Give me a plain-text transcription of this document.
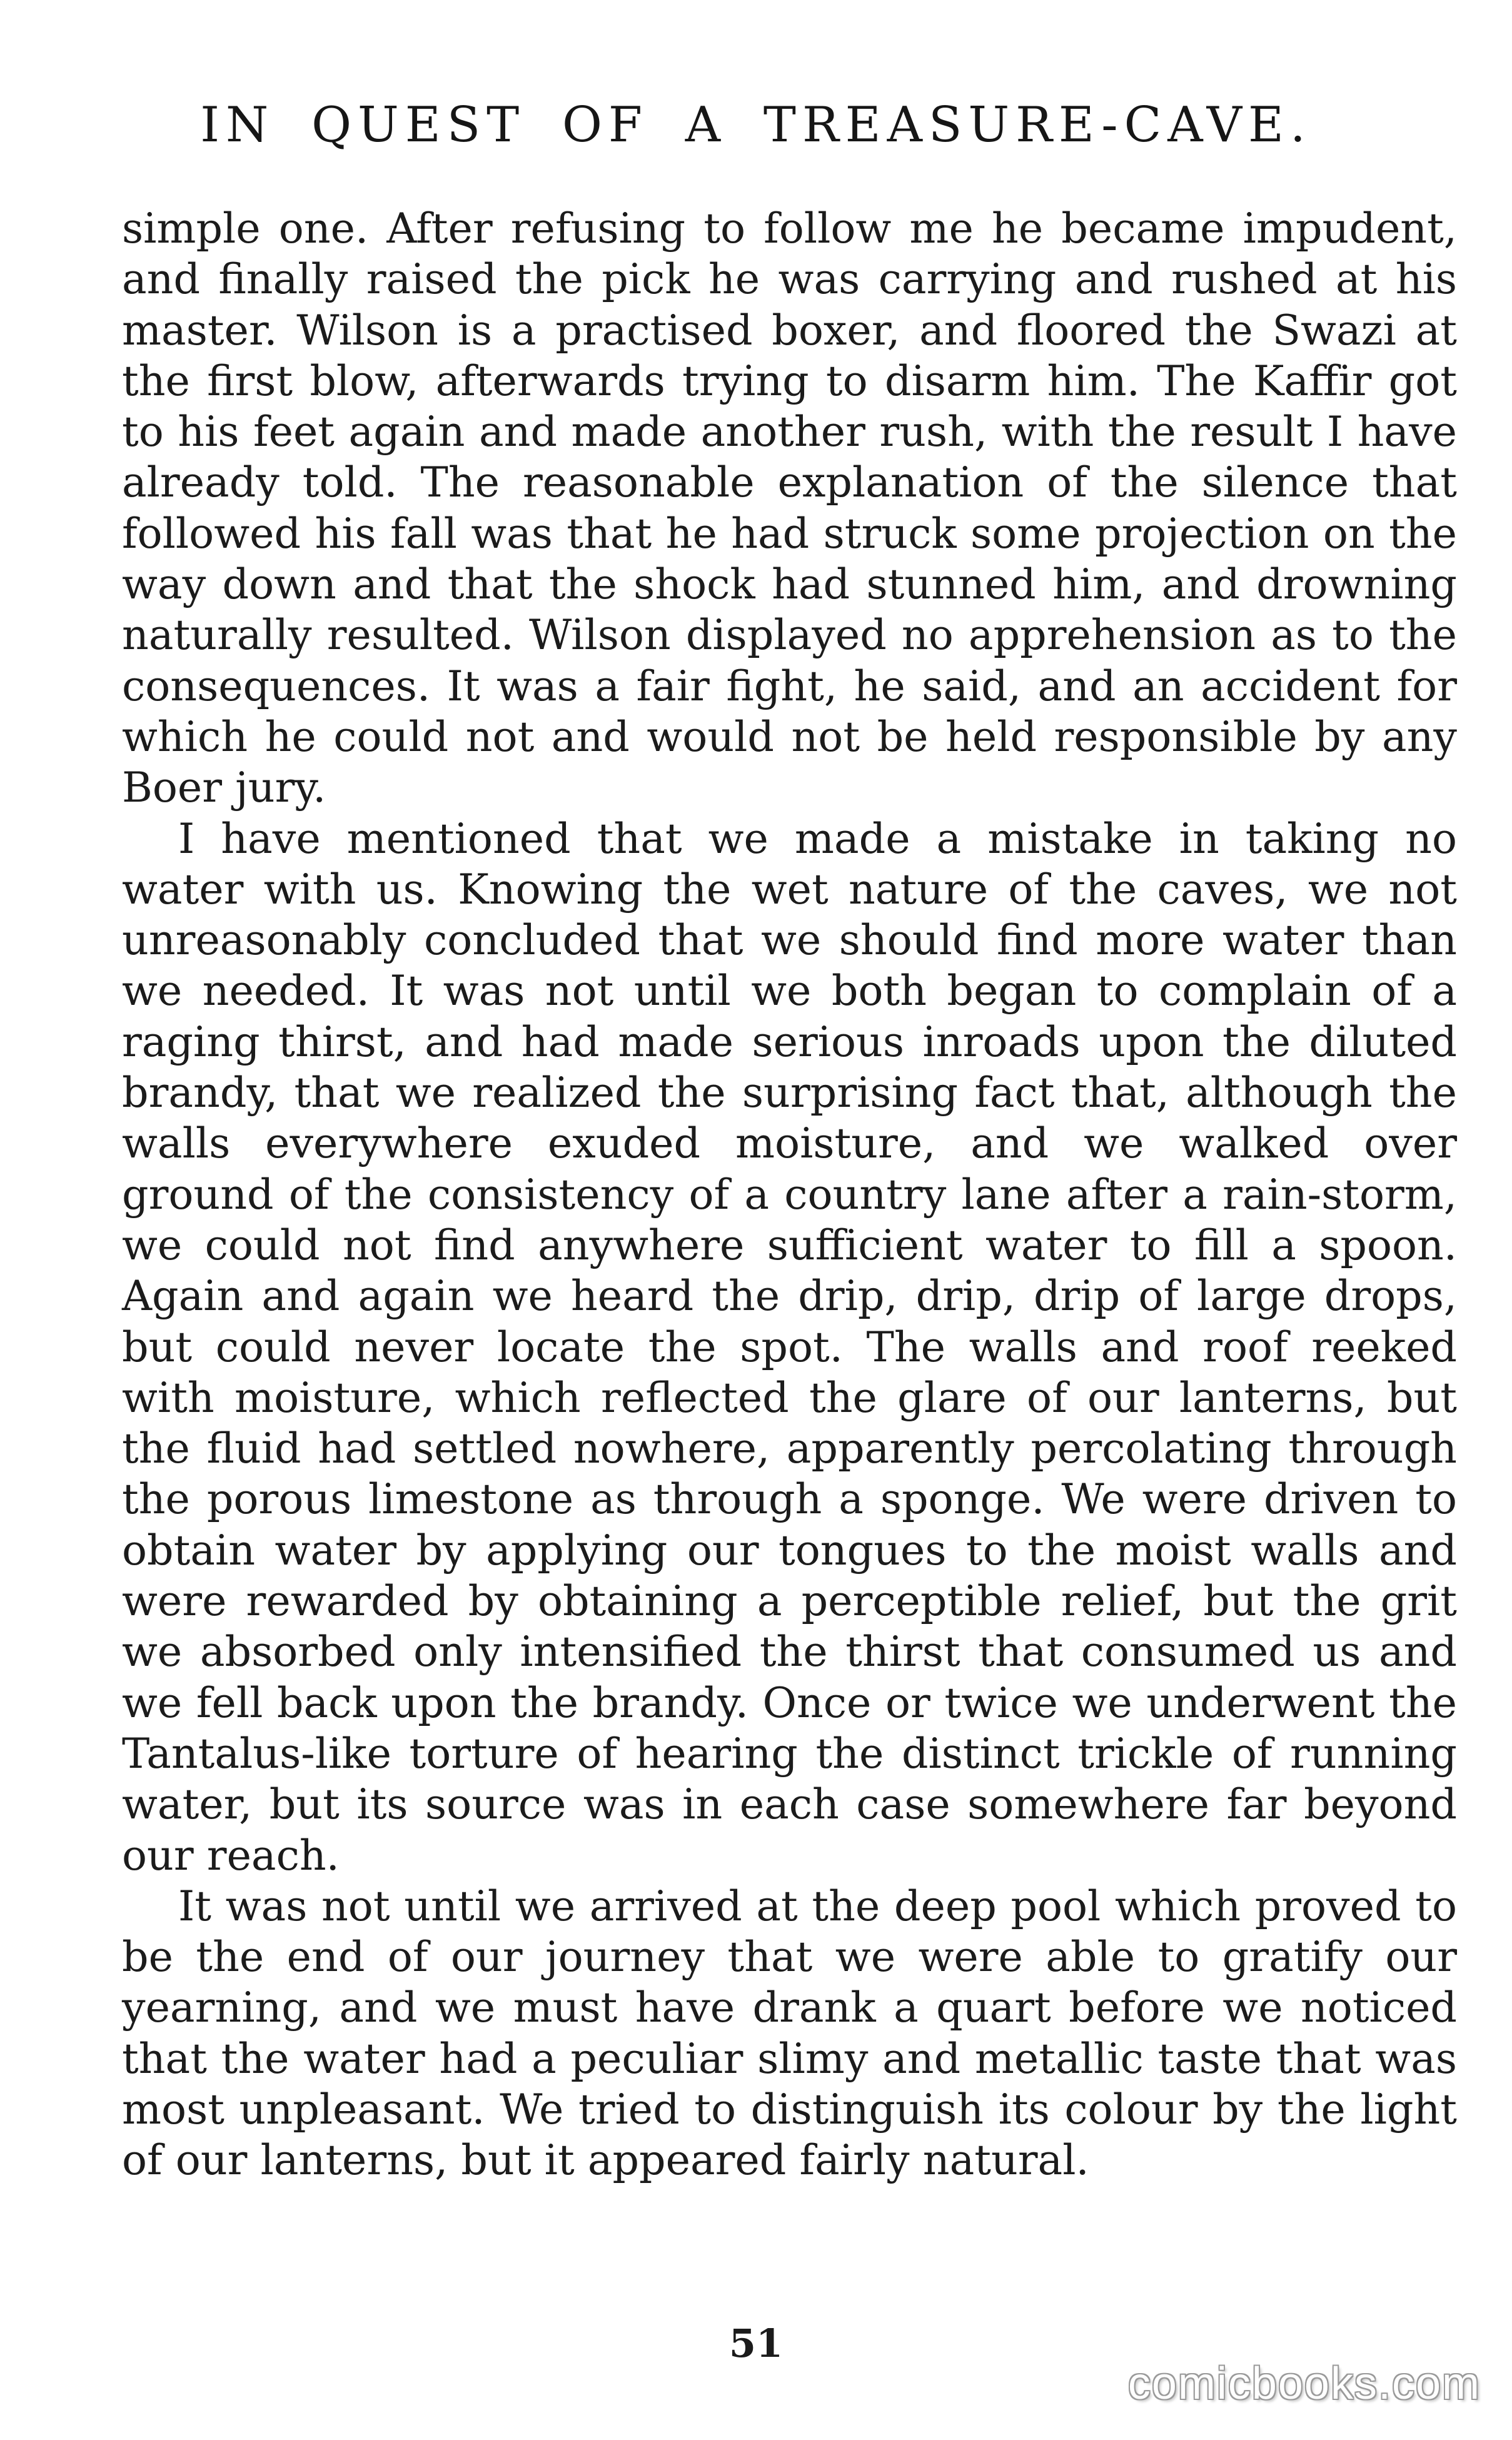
IN QUEST OF A TREASURE-CAVE.

simple one. After refusing to follow me he became impudent, and finally raised the pick he was carrying and rushed at his master. Wilson is a practised boxer, and floored the Swazi at the first blow, afterwards trying to disarm him. The Kaffir got to his feet again and made another rush, with the result I have already told. The reasonable explanation of the silence that followed his fall was that he had struck some projection on the way down and that the shock had stunned him, and drowning naturally resulted. Wilson displayed no apprehension as to the consequences. It was a fair fight, he said, and an accident for which he could not and would not be held responsible by any Boer jury.

I have mentioned that we made a mistake in taking no water with us. Knowing the wet nature of the caves, we not unreasonably concluded that we should find more water than we needed. It was not until we both began to complain of a raging thirst, and had made serious inroads upon the diluted brandy, that we realized the surprising fact that, although the walls everywhere exuded moisture, and we walked over ground of the consistency of a country lane after a rain-storm, we could not find anywhere sufficient water to fill a spoon. Again and again we heard the drip, drip, drip of large drops, but could never locate the spot. The walls and roof reeked with moisture, which reflected the glare of our lanterns, but the fluid had settled nowhere, apparently percolating through the porous limestone as through a sponge. We were driven to obtain water by applying our tongues to the moist walls and were rewarded by obtaining a perceptible relief, but the grit we absorbed only intensified the thirst that consumed us and we fell back upon the brandy. Once or twice we underwent the Tantalus-like torture of hearing the distinct trickle of running water, but its source was in each case somewhere far beyond our reach.

It was not until we arrived at the deep pool which proved to be the end of our journey that we were able to gratify our yearning, and we must have drank a quart before we noticed that the water had a peculiar slimy and metallic taste that was most unpleasant. We tried to distinguish its colour by the light of our lanterns, but it appeared fairly natural.

51
comicbooks.com
